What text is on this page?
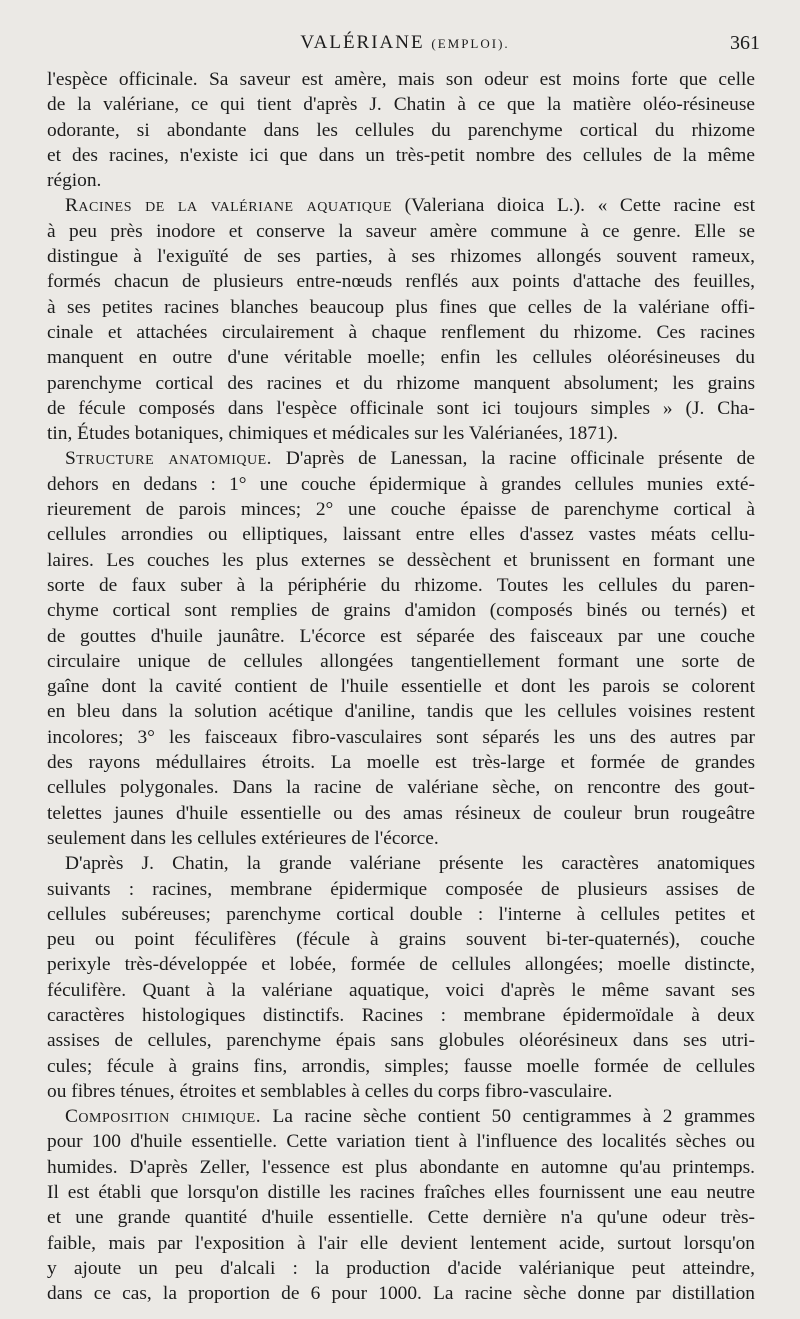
VALÉRIANE (EMPLOI).	361

l'espèce officinale. Sa saveur est amère, mais son odeur est moins forte que celle
de la valériane, ce qui tient d'après J. Chatin à ce que la matière oléo-résineuse
odorante, si abondante dans les cellules du parenchyme cortical du rhizome
et des racines, n'existe ici que dans un très-petit nombre des cellules de la même
région.

Racines de la valériane aquatique (Valeriana dioica L.). « Cette racine est
à peu près inodore et conserve la saveur amère commune à ce genre. Elle se
distingue à l'exiguïté de ses parties, à ses rhizomes allongés souvent rameux,
formés chacun de plusieurs entre-nœuds renflés aux points d'attache des feuilles,
à ses petites racines blanches beaucoup plus fines que celles de la valériane offi-
cinale et attachées circulairement à chaque renflement du rhizome. Ces racines
manquent en outre d'une véritable moelle; enfin les cellules oléorésineuses du
parenchyme cortical des racines et du rhizome manquent absolument; les grains
de fécule composés dans l'espèce officinale sont ici toujours simples » (J. Cha-
tin, Études botaniques, chimiques et médicales sur les Valérianées, 1871).

Structure anatomique. D'après de Lanessan, la racine officinale présente de
dehors en dedans : 1° une couche épidermique à grandes cellules munies exté-
rieurement de parois minces; 2° une couche épaisse de parenchyme cortical à
cellules arrondies ou elliptiques, laissant entre elles d'assez vastes méats cellu-
laires. Les couches les plus externes se dessèchent et brunissent en formant une
sorte de faux suber à la périphérie du rhizome. Toutes les cellules du paren-
chyme cortical sont remplies de grains d'amidon (composés binés ou ternés) et
de gouttes d'huile jaunâtre. L'écorce est séparée des faisceaux par une couche
circulaire unique de cellules allongées tangentiellement formant une sorte de
gaîne dont la cavité contient de l'huile essentielle et dont les parois se colorent
en bleu dans la solution acétique d'aniline, tandis que les cellules voisines restent
incolores; 3° les faisceaux fibro-vasculaires sont séparés les uns des autres par
des rayons médullaires étroits. La moelle est très-large et formée de grandes
cellules polygonales. Dans la racine de valériane sèche, on rencontre des gout-
telettes jaunes d'huile essentielle ou des amas résineux de couleur brun rougeâtre
seulement dans les cellules extérieures de l'écorce.

D'après J. Chatin, la grande valériane présente les caractères anatomiques
suivants : racines, membrane épidermique composée de plusieurs assises de
cellules subéreuses; parenchyme cortical double : l'interne à cellules petites et
peu ou point féculifères (fécule à grains souvent bi-ter-quaternés), couche
perixyle très-développée et lobée, formée de cellules allongées; moelle distincte,
féculifère. Quant à la valériane aquatique, voici d'après le même savant ses
caractères histologiques distinctifs. Racines : membrane épidermoïdale à deux
assises de cellules, parenchyme épais sans globules oléorésineux dans ses utri-
cules; fécule à grains fins, arrondis, simples; fausse moelle formée de cellules
ou fibres ténues, étroites et semblables à celles du corps fibro-vasculaire.

Composition chimique. La racine sèche contient 50 centigrammes à 2 grammes
pour 100 d'huile essentielle. Cette variation tient à l'influence des localités sèches ou
humides. D'après Zeller, l'essence est plus abondante en automne qu'au printemps.
Il est établi que lorsqu'on distille les racines fraîches elles fournissent une eau neutre
et une grande quantité d'huile essentielle. Cette dernière n'a qu'une odeur très-
faible, mais par l'exposition à l'air elle devient lentement acide, surtout lorsqu'on
y ajoute un peu d'alcali : la production d'acide valérianique peut atteindre,
dans ce cas, la proportion de 6 pour 1000. La racine sèche donne par distillation
